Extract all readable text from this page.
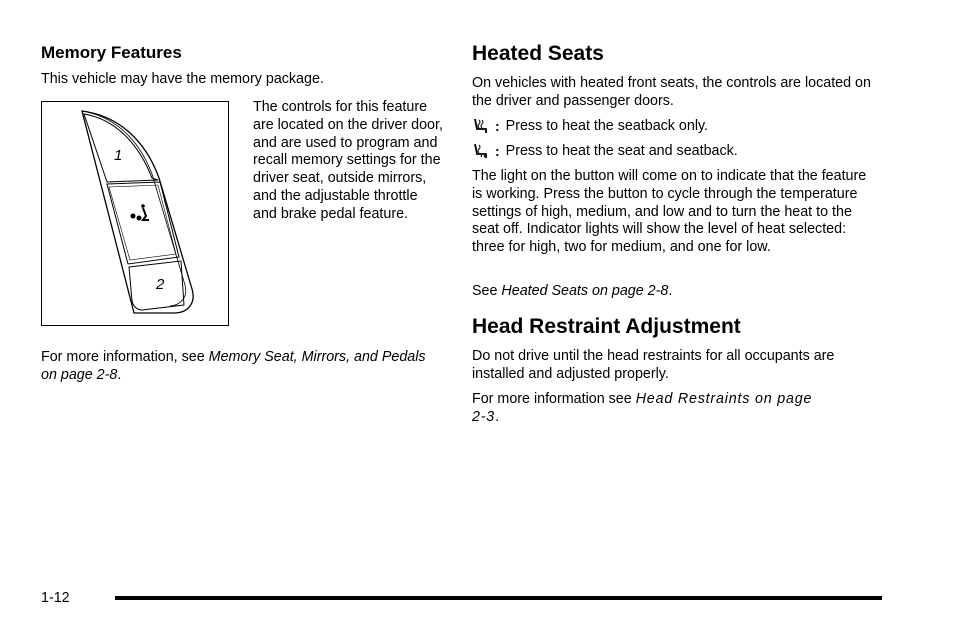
Memory Features

This vehicle may have the memory package.

1
2

The controls for this feature are located on the driver door, and are used to program and recall memory settings for the driver seat, outside mirrors, and the adjustable throttle and brake pedal feature.

For more information, see Memory Seat, Mirrors, and Pedals on page 2-8.

Heated Seats

On vehicles with heated front seats, the controls are located on the driver and passenger doors.

: Press to heat the seatback only.
: Press to heat the seat and seatback.

The light on the button will come on to indicate that the feature is working. Press the button to cycle through the temperature settings of high, medium, and low and to turn the heat to the seat off. Indicator lights will show the level of heat selected: three for high, two for medium, and one for low.

See Heated Seats on page 2-8.

Head Restraint Adjustment

Do not drive until the head restraints for all occupants are installed and adjusted properly.

For more information see Head Restraints on page 2-3.

1-12
